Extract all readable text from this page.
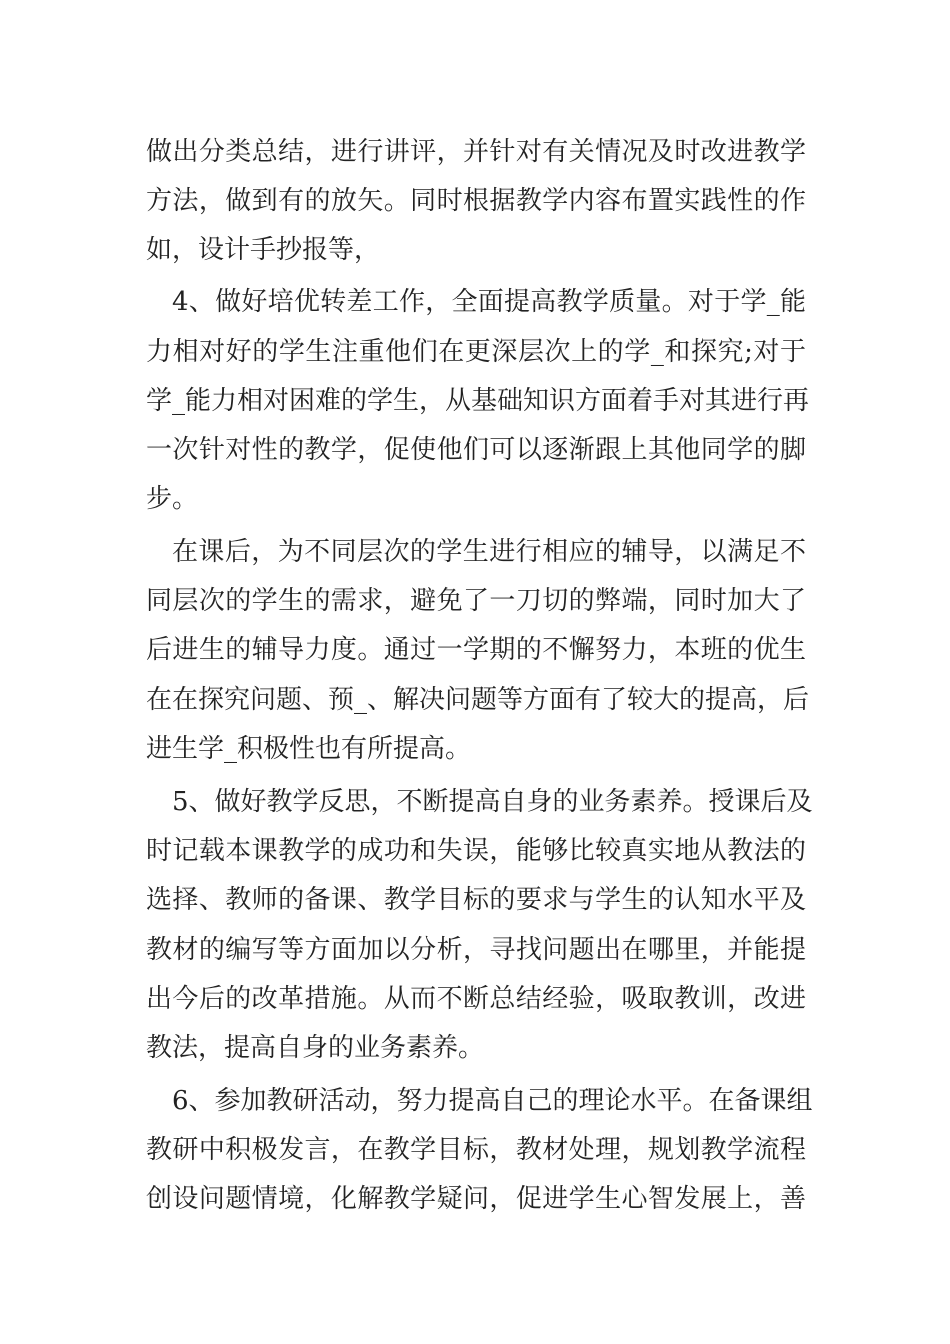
做出分类总结，进行讲评，并针对有关情况及时改进教学
方法，做到有的放矢。同时根据教学内容布置实践性的作
如，设计手抄报等，
4、做好培优转差工作，全面提高教学质量。对于学_能
力相对好的学生注重他们在更深层次上的学_和探究;对于
学_能力相对困难的学生，从基础知识方面着手对其进行再
一次针对性的教学，促使他们可以逐渐跟上其他同学的脚
步。
在课后，为不同层次的学生进行相应的辅导，以满足不
同层次的学生的需求，避免了一刀切的弊端，同时加大了
后进生的辅导力度。通过一学期的不懈努力，本班的优生
在在探究问题、预_、解决问题等方面有了较大的提高，后
进生学_积极性也有所提高。
5、做好教学反思，不断提高自身的业务素养。授课后及
时记载本课教学的成功和失误，能够比较真实地从教法的
选择、教师的备课、教学目标的要求与学生的认知水平及
教材的编写等方面加以分析，寻找问题出在哪里，并能提
出今后的改革措施。从而不断总结经验，吸取教训，改进
教法，提高自身的业务素养。
6、参加教研活动，努力提高自己的理论水平。在备课组
教研中积极发言，在教学目标，教材处理，规划教学流程
创设问题情境，化解教学疑问，促进学生心智发展上，善
